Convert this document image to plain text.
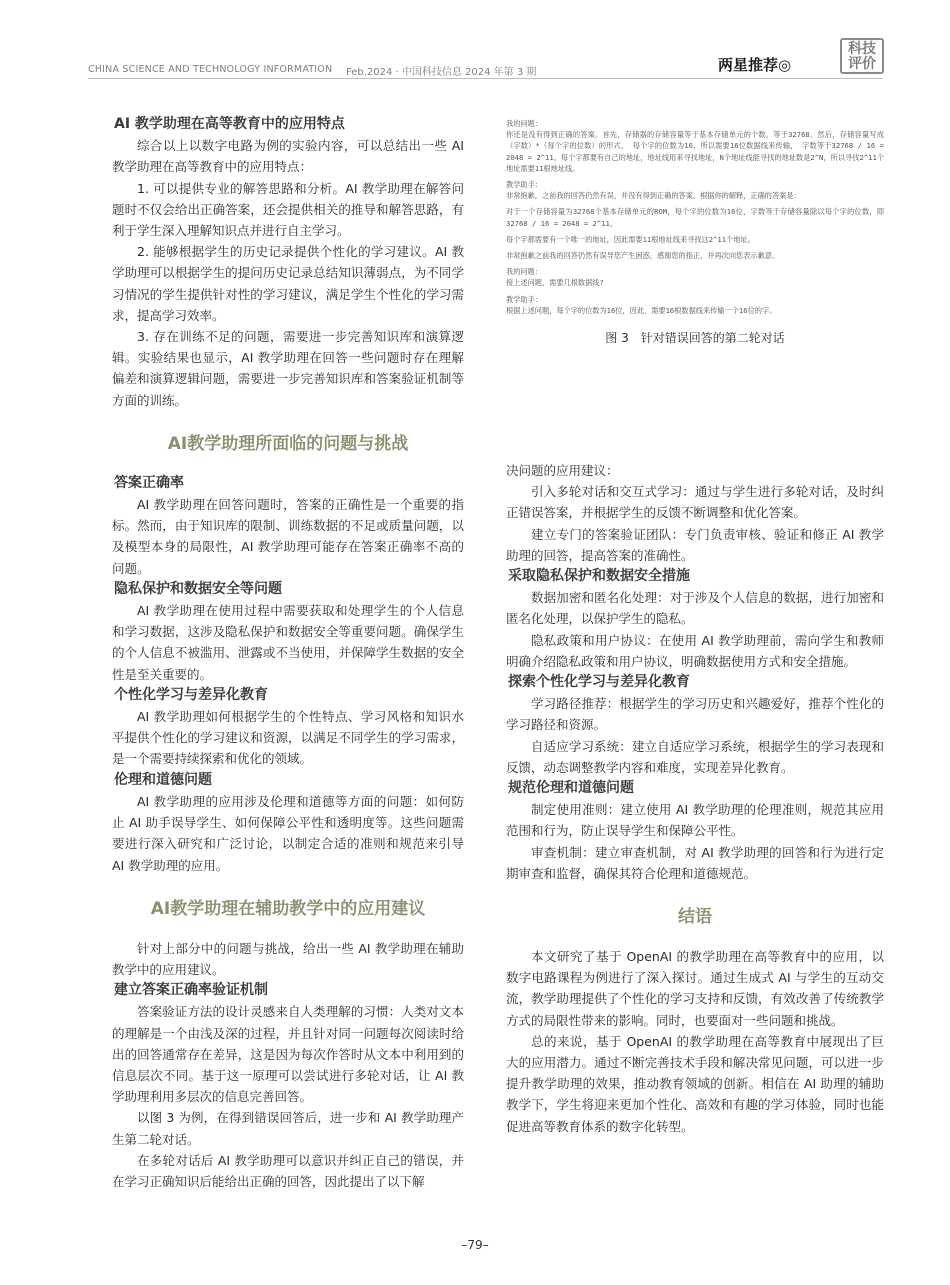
CHINA SCIENCE AND TECHNOLOGY INFORMATION Feb.2024 · 中国科技信息 2024 年第 3 期	两星推荐◎
科技
评价
AI 教学助理在高等教育中的应用特点

综合以上以数字电路为例的实验内容，可以总结出一些 AI 教学助理在高等教育中的应用特点：

1. 可以提供专业的解答思路和分析。AI 教学助理在解答问题时不仅会给出正确答案，还会提供相关的推导和解答思路，有利于学生深入理解知识点并进行自主学习。

2. 能够根据学生的历史记录提供个性化的学习建议。AI 教学助理可以根据学生的提问历史记录总结知识薄弱点，为不同学习情况的学生提供针对性的学习建议，满足学生个性化的学习需求，提高学习效率。

3. 存在训练不足的问题，需要进一步完善知识库和演算逻辑。实验结果也显示，AI 教学助理在回答一些问题时存在理解偏差和演算逻辑问题，需要进一步完善知识库和答案验证机制等方面的训练。

AI教学助理所面临的问题与挑战
答案正确率

AI 教学助理在回答问题时，答案的正确性是一个重要的指标。然而，由于知识库的限制、训练数据的不足或质量问题，以及模型本身的局限性，AI 教学助理可能存在答案正确率不高的问题。

隐私保护和数据安全等问题

AI 教学助理在使用过程中需要获取和处理学生的个人信息和学习数据，这涉及隐私保护和数据安全等重要问题。确保学生的个人信息不被滥用、泄露或不当使用，并保障学生数据的安全性是至关重要的。

个性化学习与差异化教育

AI 教学助理如何根据学生的个性特点、学习风格和知识水平提供个性化的学习建议和资源，以满足不同学生的学习需求，是一个需要持续探索和优化的领域。

伦理和道德问题

AI 教学助理的应用涉及伦理和道德等方面的问题：如何防止 AI 助手误导学生、如何保障公平性和透明度等。这些问题需要进行深入研究和广泛讨论，以制定合适的准则和规范来引导 AI 教学助理的应用。

AI教学助理在辅助教学中的应用建议

针对上部分中的问题与挑战，给出一些 AI 教学助理在辅助教学中的应用建议。

建立答案正确率验证机制

答案验证方法的设计灵感来自人类理解的习惯：人类对文本的理解是一个由浅及深的过程，并且针对同一问题每次阅读时给出的回答通常存在差异，这是因为每次作答时从文本中利用到的信息层次不同。基于这一原理可以尝试进行多轮对话，让 AI 教学助理利用多层次的信息完善回答。

以图 3 为例，在得到错误回答后，进一步和 AI 教学助理产生第二轮对话。

在多轮对话后 AI 教学助理可以意识并纠正自己的错误，并在学习正确知识后能给出正确的回答，因此提出了以下解

我的问题：
你还是没有得到正确的答案。首先，存储器的存储容量等于基本存储单元的个数，等于32768。然后，存储容量写成（字数）*（每个字的位数）的形式， 每个字的位数为16，所以需要16位数据线来传输， 字数等于32768 / 16 = 2048 = 2^11。每个字都要有自己的地址，地址线用来寻找地址，N个地址线能寻找的地址数是2^N，所以寻找2^11个地址需要11根地址线。
教学助手：
非常抱歉，之前我的回答仍然有误，并没有得到正确的答案。根据你的解释，正确的答案是：
对于一个存储容量为32768个基本存储单元的ROM，每个字的位数为16位，字数等于存储容量除以每个字的位数，即32768 / 16 = 2048 = 2^11。
每个字都需要有一个唯一的地址，因此需要11根地址线来寻找这2^11个地址。
非常抱歉之前我的回答仍然有误导您产生困惑，感谢您的指正，并再次向您表示歉意。
我的问题：
接上述问题，需要几根数据线?
教学助手：
根据上述问题，每个字的位数为16位，因此，需要16根数据线来传输一个16位的字。
图 3　针对错误回答的第二轮对话

决问题的应用建议：

引入多轮对话和交互式学习：通过与学生进行多轮对话，及时纠正错误答案，并根据学生的反馈不断调整和优化答案。

建立专门的答案验证团队：专门负责审核、验证和修正 AI 教学助理的回答，提高答案的准确性。

采取隐私保护和数据安全措施

数据加密和匿名化处理：对于涉及个人信息的数据，进行加密和匿名化处理，以保护学生的隐私。

隐私政策和用户协议：在使用 AI 教学助理前，需向学生和教师明确介绍隐私政策和用户协议，明确数据使用方式和安全措施。

探索个性化学习与差异化教育

学习路径推荐：根据学生的学习历史和兴趣爱好，推荐个性化的学习路径和资源。

自适应学习系统：建立自适应学习系统，根据学生的学习表现和反馈，动态调整教学内容和难度，实现差异化教育。

规范伦理和道德问题

制定使用准则：建立使用 AI 教学助理的伦理准则，规范其应用范围和行为，防止误导学生和保障公平性。

审查机制：建立审查机制，对 AI 教学助理的回答和行为进行定期审查和监督，确保其符合伦理和道德规范。

结语

本文研究了基于 OpenAI 的教学助理在高等教育中的应用，以数字电路课程为例进行了深入探讨。通过生成式 AI 与学生的互动交流，教学助理提供了个性化的学习支持和反馈，有效改善了传统教学方式的局限性带来的影响。同时，也要面对一些问题和挑战。

总的来说，基于 OpenAI 的教学助理在高等教育中展现出了巨大的应用潜力。通过不断完善技术手段和解决常见问题，可以进一步提升教学助理的效果，推动教育领域的创新。相信在 AI 助理的辅助教学下，学生将迎来更加个性化、高效和有趣的学习体验，同时也能促进高等教育体系的数字化转型。

–79–
